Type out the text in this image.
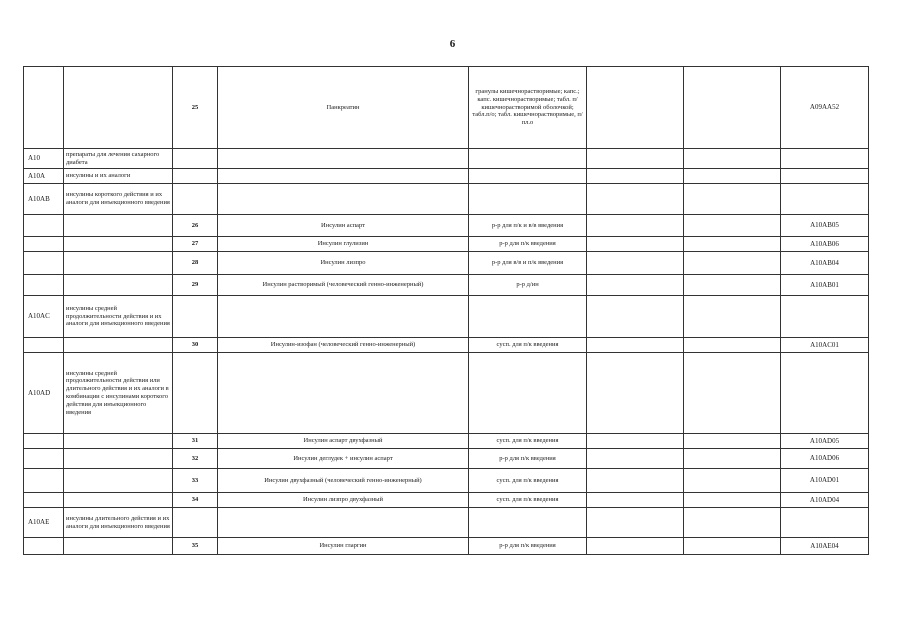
6
		25	Панкреатин	гранулы кишечнорастворимые; капс.; капс. кишечнорастворимые; табл. п/кишечнорастворимой оболочкой; табл.п/о; табл. кишечнорастворимые, п/пл.о			A09AA52
A10	препараты для лечения сахарного диабета						
A10A	инсулины и их аналоги						
A10AB	инсулины короткого действия и их аналоги для инъекционного введения						
		26	Инсулин аспарт	р-р для п/к и в/в введения			A10AB05
		27	Инсулин глулизин	р-р для п/к введения			A10AB06
		28	Инсулин лизпро	р-р для в/в и п/к введения			A10AB04
		29	Инсулин растворимый (человеческий генно-инженерный)	р-р д/ин			A10AB01
A10AC	инсулины средней продолжительности действия и их аналоги для инъекционного введения						
		30	Инсулин-изофан (человеческий генно-инженерный)	сусп. для п/к введения			A10AC01
A10AD	инсулины средней продолжительности действия или длительного действия и их аналоги в комбинации с инсулинами короткого действия для инъекционного введения						
		31	Инсулин аспарт двухфазный	сусп. для п/к введения			A10AD05
		32	Инсулин деглудек + инсулин аспарт	р-р для п/к введения			A10AD06
		33	Инсулин двухфазный (человеческий генно-инженерный)	сусп. для п/к введения			A10AD01
		34	Инсулин лизпро двухфазный	сусп. для п/к введения			A10AD04
A10AE	инсулины длительного действия и их аналоги для инъекционного введения						
		35	Инсулин гларгин	р-р для п/к введения			A10AE04
